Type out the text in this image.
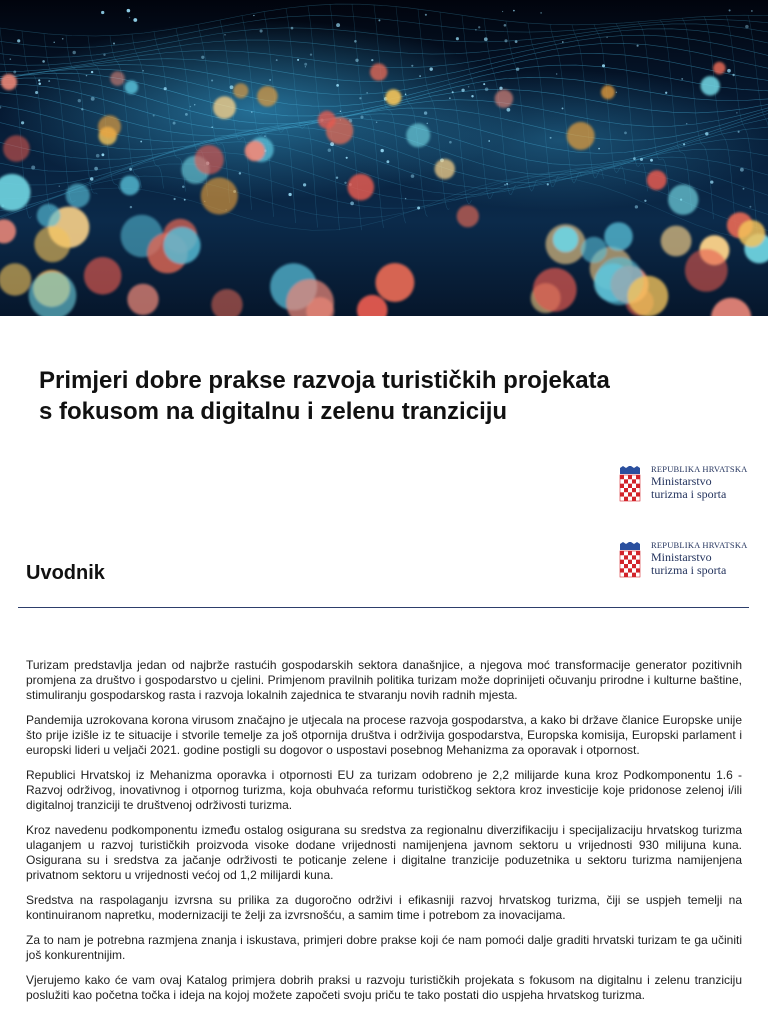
Primjeri dobre prakse razvoja turističkih projekata
s fokusom na digitalnu i zelenu tranziciju
REPUBLIKA HRVATSKA
Ministarstvo
turizma i sporta
REPUBLIKA HRVATSKA
Ministarstvo
turizma i sporta
Uvodnik

Turizam predstavlja jedan od najbrže rastućih gospodarskih sektora današnjice, a njegova moć transformacije generator pozitivnih promjena za društvo i gospodarstvo u cjelini. Primjenom pravilnih politika turizam može doprinijeti očuvanju prirodne i kulturne baštine, stimuliranju gospodarskog rasta i razvoja lokalnih zajednica te stvaranju novih radnih mjesta.

Pandemija uzrokovana korona virusom značajno je utjecala na procese razvoja gospodarstva, a kako bi države članice Europske unije što prije izišle iz te situacije i stvorile temelje za još otpornija društva i održivija gospodarstva, Europska komisija, Europski parlament i europski lideri u veljači 2021. godine postigli su dogovor o uspostavi posebnog Mehanizma za oporavak i otpornost.

Republici Hrvatskoj iz Mehanizma oporavka i otpornosti EU za turizam odobreno je 2,2 milijarde kuna kroz Podkomponentu 1.6 - Razvoj održivog, inovativnog i otpornog turizma, koja obuhvaća reformu turističkog sektora kroz investicije koje pridonose zelenoj i/ili digitalnoj tranziciji te društvenoj održivosti turizma.

Kroz navedenu podkomponentu između ostalog osigurana su sredstva za regionalnu diverzifikaciju i specijalizaciju hrvatskog turizma ulaganjem u razvoj turističkih proizvoda visoke dodane vrijednosti namijenjena javnom sektoru u vrijednosti 930 milijuna kuna. Osigurana su i sredstva za jačanje održivosti te poticanje zelene i digitalne tranzicije poduzetnika u sektoru turizma namijenjena privatnom sektoru u vrijednosti većoj od 1,2 milijardi kuna.

Sredstva na raspolaganju izvrsna su prilika za dugoročno održivi i efikasniji razvoj hrvatskog turizma, čiji se uspjeh temelji na kontinuiranom napretku, modernizaciji te želji za izvrsnošću, a samim time i potrebom za inovacijama.

Za to nam je potrebna razmjena znanja i iskustava, primjeri dobre prakse koji će nam pomoći dalje graditi hrvatski turizam te ga učiniti još konkurentnijim.

Vjerujemo kako će vam ovaj Katalog primjera dobrih praksi u razvoju turističkih projekata s fokusom na digitalnu i zelenu tranziciju poslužiti kao početna točka i ideja na kojoj možete započeti svoju priču te tako postati dio uspjeha hrvatskog turizma.
